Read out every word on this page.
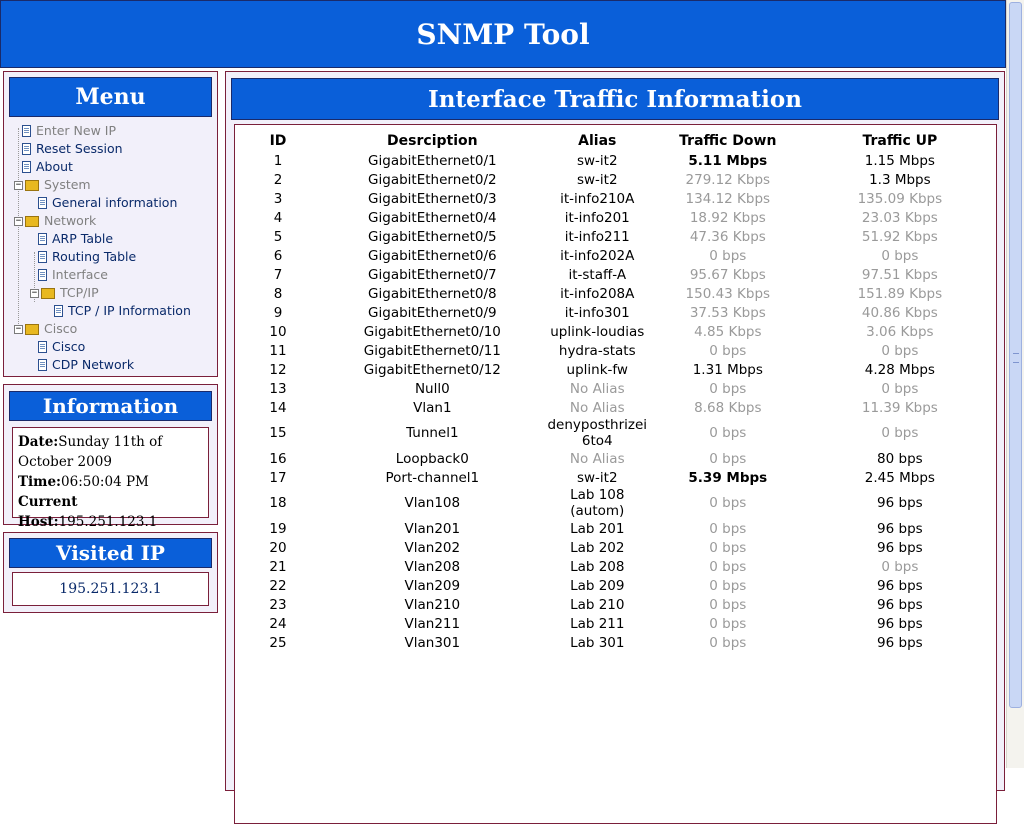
SNMP Tool
Menu
Enter New IP
Reset Session
About
− System
General information
− Network
ARP Table
Routing Table
Interface
− TCP/IP
TCP / IP Information
− Cisco
Cisco
CDP Network
Information
Date:Sunday 11th of October 2009
Time:06:50:04 PM
Current Host:195.251.123.1
Visited IP
195.251.123.1
Interface Traffic Information
ID	Desrciption	Alias	Traffic Down	Traffic UP
1	GigabitEthernet0/1	sw-it2	5.11 Mbps	1.15 Mbps
2	GigabitEthernet0/2	sw-it2	279.12 Kbps	1.3 Mbps
3	GigabitEthernet0/3	it-info210A	134.12 Kbps	135.09 Kbps
4	GigabitEthernet0/4	it-info201	18.92 Kbps	23.03 Kbps
5	GigabitEthernet0/5	it-info211	47.36 Kbps	51.92 Kbps
6	GigabitEthernet0/6	it-info202A	0 bps	0 bps
7	GigabitEthernet0/7	it-staff-A	95.67 Kbps	97.51 Kbps
8	GigabitEthernet0/8	it-info208A	150.43 Kbps	151.89 Kbps
9	GigabitEthernet0/9	it-info301	37.53 Kbps	40.86 Kbps
10	GigabitEthernet0/10	uplink-loudias	4.85 Kbps	3.06 Kbps
11	GigabitEthernet0/11	hydra-stats	0 bps	0 bps
12	GigabitEthernet0/12	uplink-fw	1.31 Mbps	4.28 Mbps
13	Null0	No Alias	0 bps	0 bps
14	Vlan1	No Alias	8.68 Kbps	11.39 Kbps
15	Tunnel1	denyposthrizei6to4	0 bps	0 bps
16	Loopback0	No Alias	0 bps	80 bps
17	Port-channel1	sw-it2	5.39 Mbps	2.45 Mbps
18	Vlan108	Lab 108 (autom)	0 bps	96 bps
19	Vlan201	Lab 201	0 bps	96 bps
20	Vlan202	Lab 202	0 bps	96 bps
21	Vlan208	Lab 208	0 bps	0 bps
22	Vlan209	Lab 209	0 bps	96 bps
23	Vlan210	Lab 210	0 bps	96 bps
24	Vlan211	Lab 211	0 bps	96 bps
25	Vlan301	Lab 301	0 bps	96 bps
